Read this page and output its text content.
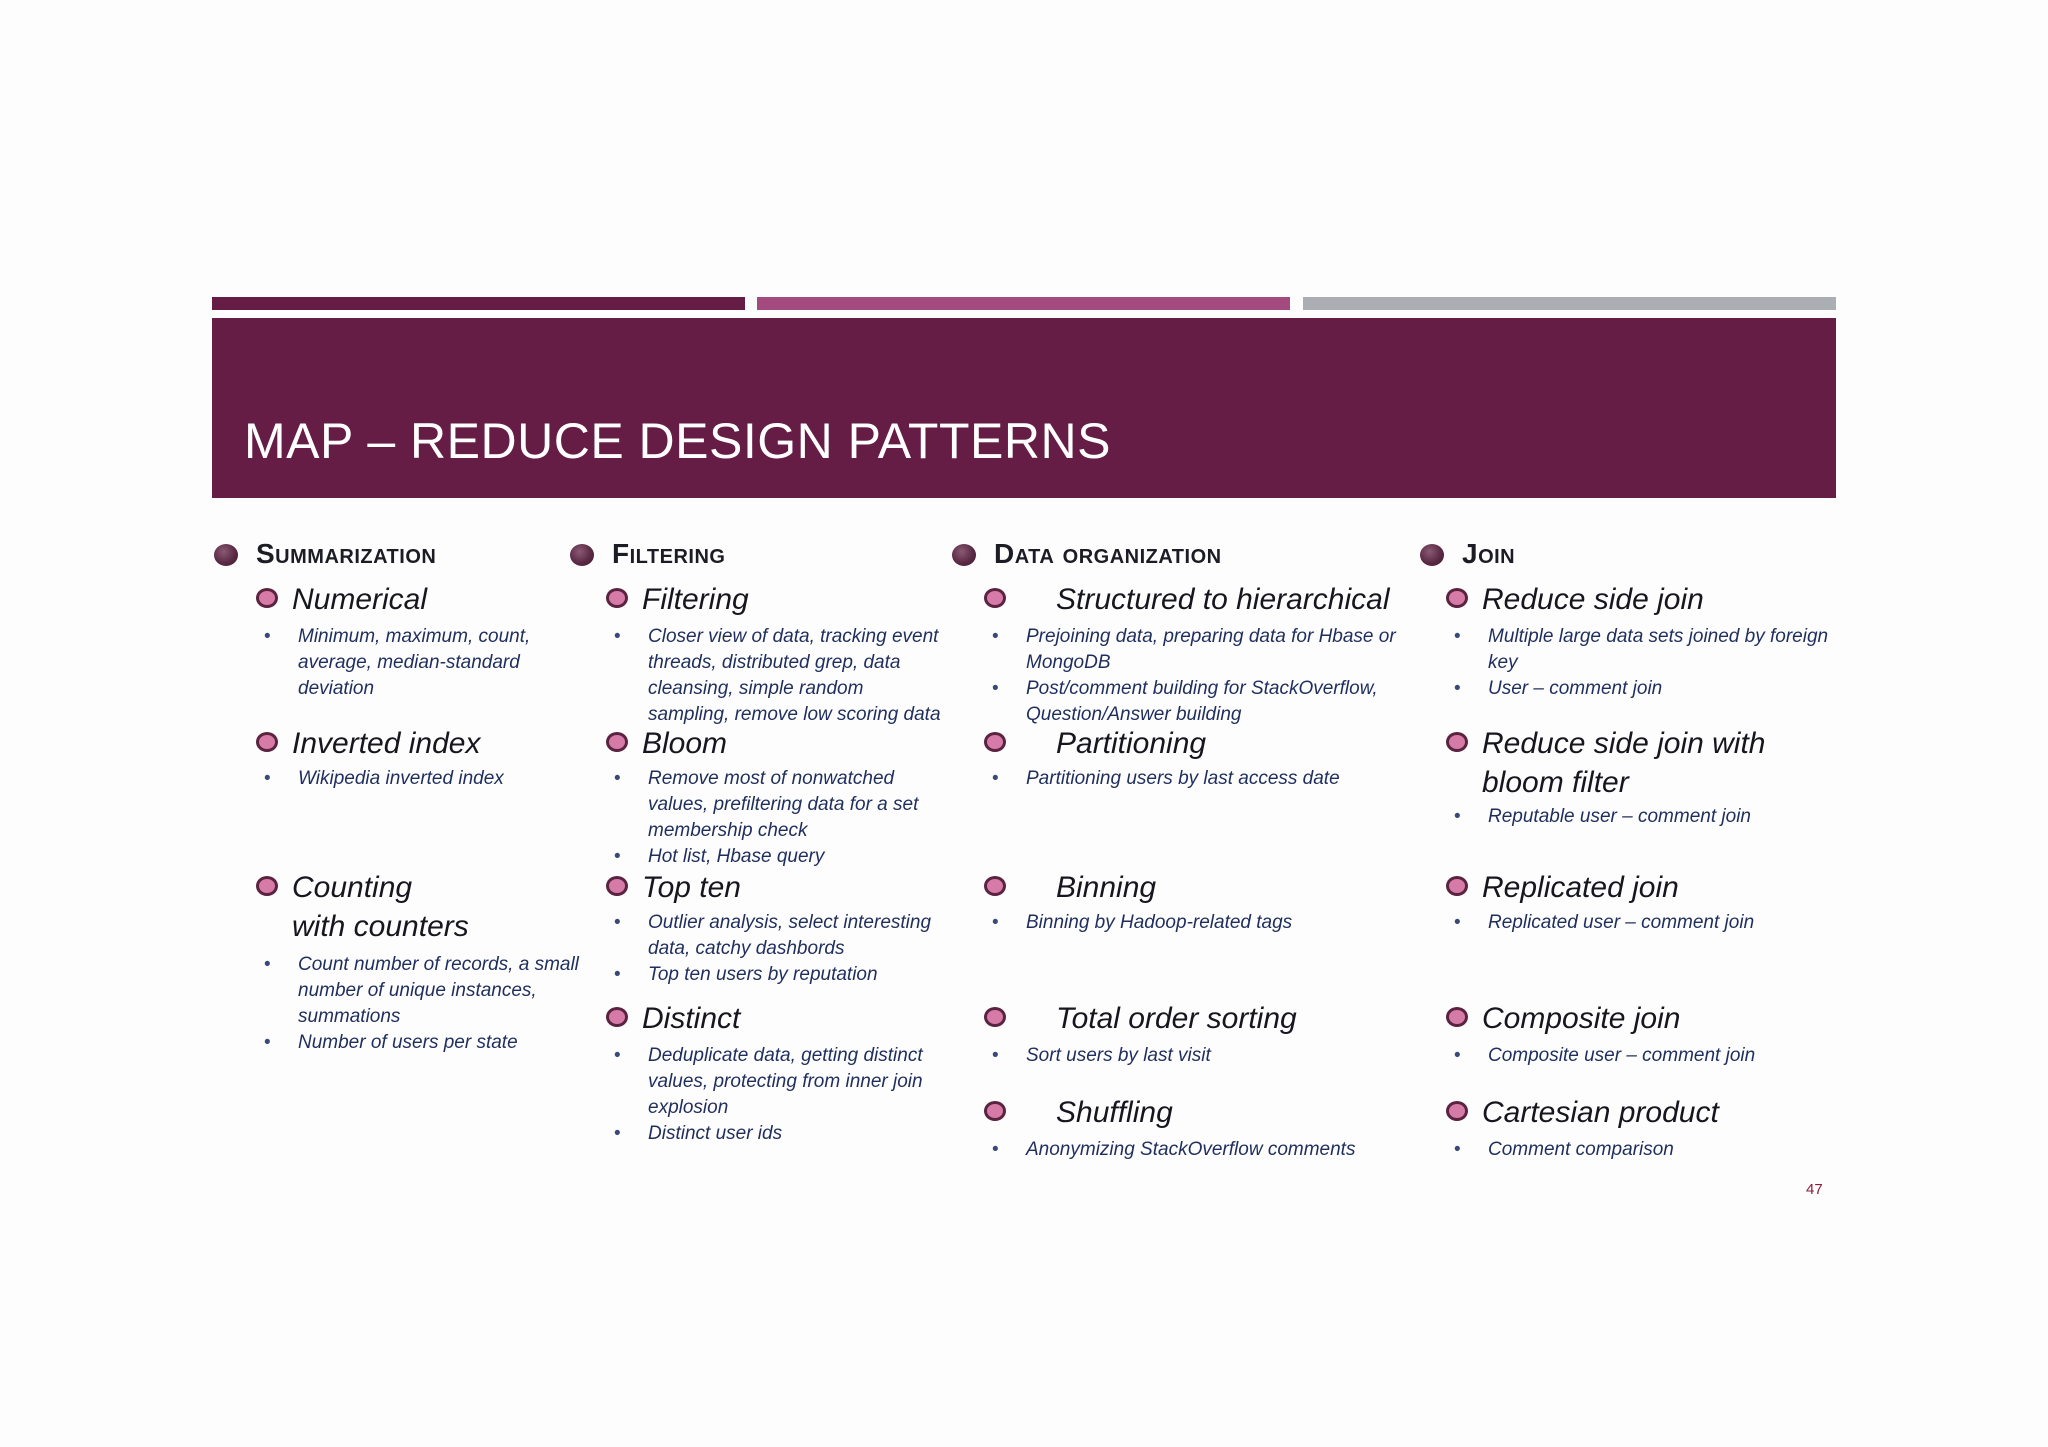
MAP – REDUCE DESIGN PATTERNS
Summarization
Numerical
• Minimum, maximum, count, average, median-standard deviation
Inverted index
• Wikipedia inverted index
Counting
with counters
• Count number of records, a small number of unique instances, summations
• Number of users per state
Filtering
Filtering
• Closer view of data, tracking event threads, distributed grep, data cleansing, simple random sampling, remove low scoring data
Bloom
• Remove most of nonwatched values, prefiltering data for a set membership check
• Hot list, Hbase query
Top ten
• Outlier analysis, select interesting data, catchy dashbords
• Top ten users by reputation
Distinct
• Deduplicate data, getting distinct values, protecting from inner join explosion
• Distinct user ids
Data organization
Structured to hierarchical
• Prejoining data, preparing data for Hbase or MongoDB
• Post/comment building for StackOverflow, Question/Answer building
Partitioning
• Partitioning users by last access date
Binning
• Binning by Hadoop-related tags
Total order sorting
• Sort users by last visit
Shuffling
• Anonymizing StackOverflow comments
Join
Reduce side join
• Multiple large data sets joined by foreign key
• User – comment join
Reduce side join with
bloom filter
• Reputable user – comment join
Replicated join
• Replicated user – comment join
Composite join
• Composite user – comment join
Cartesian product
• Comment comparison
47
